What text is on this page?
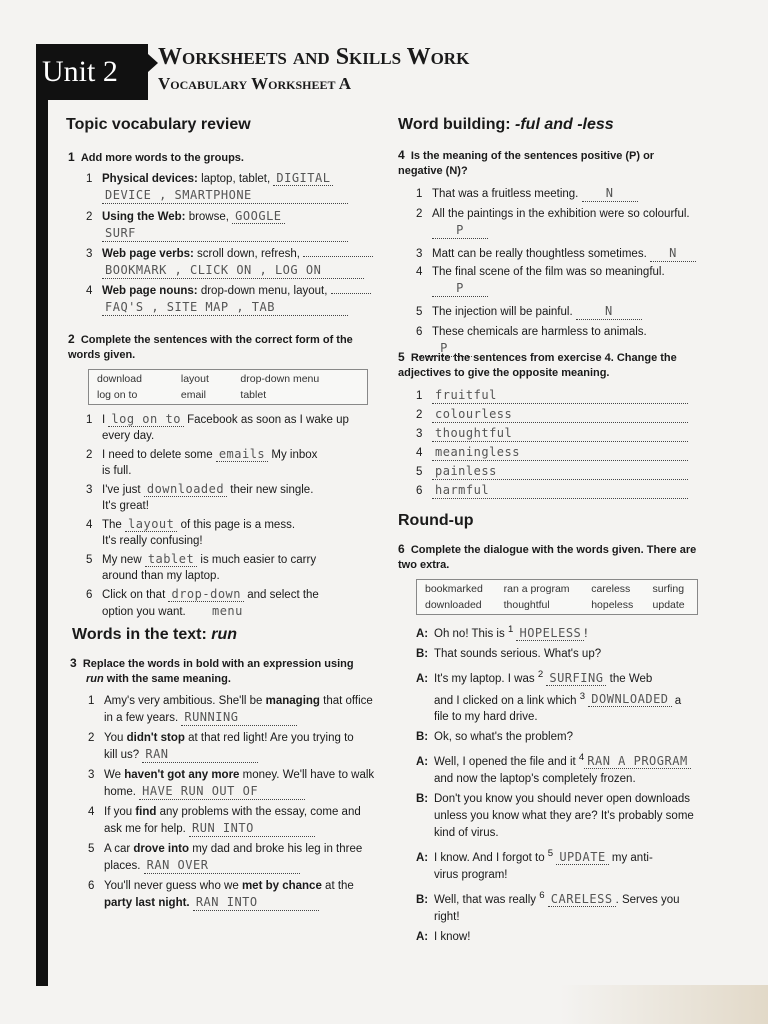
Unit 2	Worksheets and Skills Work
Vocabulary Worksheet A
Topic vocabulary review
1 Add more words to the groups.
1 Physical devices: laptop, tablet, DIGITAL
DEVICE , SMARTPHONE
2 Using the Web: browse, GOOGLE
SURF
3 Web page verbs: scroll down, refresh,
BOOKMARK , CLICK ON , LOG ON
4 Web page nouns: drop-down menu, layout,
FAQ'S , SITE MAP , TAB
2 Complete the sentences with the correct form of the words given.
download	layout	drop-down menu
log on to	email	tablet
1 I log on to Facebook as soon as I wake up
every day.
2 I need to delete some emails My inbox
is full.
3 I've just downloaded their new single.
It's great!
4 The layout of this page is a mess.
It's really confusing!
5 My new tablet is much easier to carry
around than my laptop.
6 Click on that drop-down and select the
option you want. menu
Words in the text: run
3 Replace the words in bold with an expression using
run with the same meaning.
1 Amy's very ambitious. She'll be managing that office
in a few years. RUNNING
2 You didn't stop at that red light! Are you trying to
kill us? RAN
3 We haven't got any more money. We'll have to walk
home. HAVE RUN OUT OF
4 If you find any problems with the essay, come and
ask me for help. RUN INTO
5 A car drove into my dad and broke his leg in three
places. RAN OVER
6 You'll never guess who we met by chance at the
party last night. RAN INTO
Word building: -ful and -less
4 Is the meaning of the sentences positive (P) or negative (N)?
1 That was a fruitless meeting. N
2 All the paintings in the exhibition were so colourful.
P
3 Matt can be really thoughtless sometimes. N
4 The final scene of the film was so meaningful.
P
5 The injection will be painful.	N
6 These chemicals are harmless to animals. P
5 Rewrite the sentences from exercise 4. Change the adjectives to give the opposite meaning.
1 fruitful
2 colourless
3 thoughtful
4 meaningless
5 painless
6 harmful
Round-up
6 Complete the dialogue with the words given. There are two extra.
bookmarked	ran a program	careless	surfing
downloaded	thoughtful	hopeless	update
A: Oh no! This is $^1$ HOPELESS !
B: That sounds serious. What's up?
A: It's my laptop. I was $^2$ SURFING the Web
and I clicked on a link which $^3$ DOWNLOADED a
file to my hard drive.
B: Ok, so what's the problem?
A: Well, I opened the file and it $^4$ RAN A PROGRAM
and now the laptop's completely frozen.
B: Don't you know you should never open downloads
unless you know what they are? It's probably some
kind of virus.
A: I know. And I forgot to $^5$ UPDATE my anti-
virus program!
B: Well, that was really $^6$ CARELESS . Serves you
right!
A: I know!
